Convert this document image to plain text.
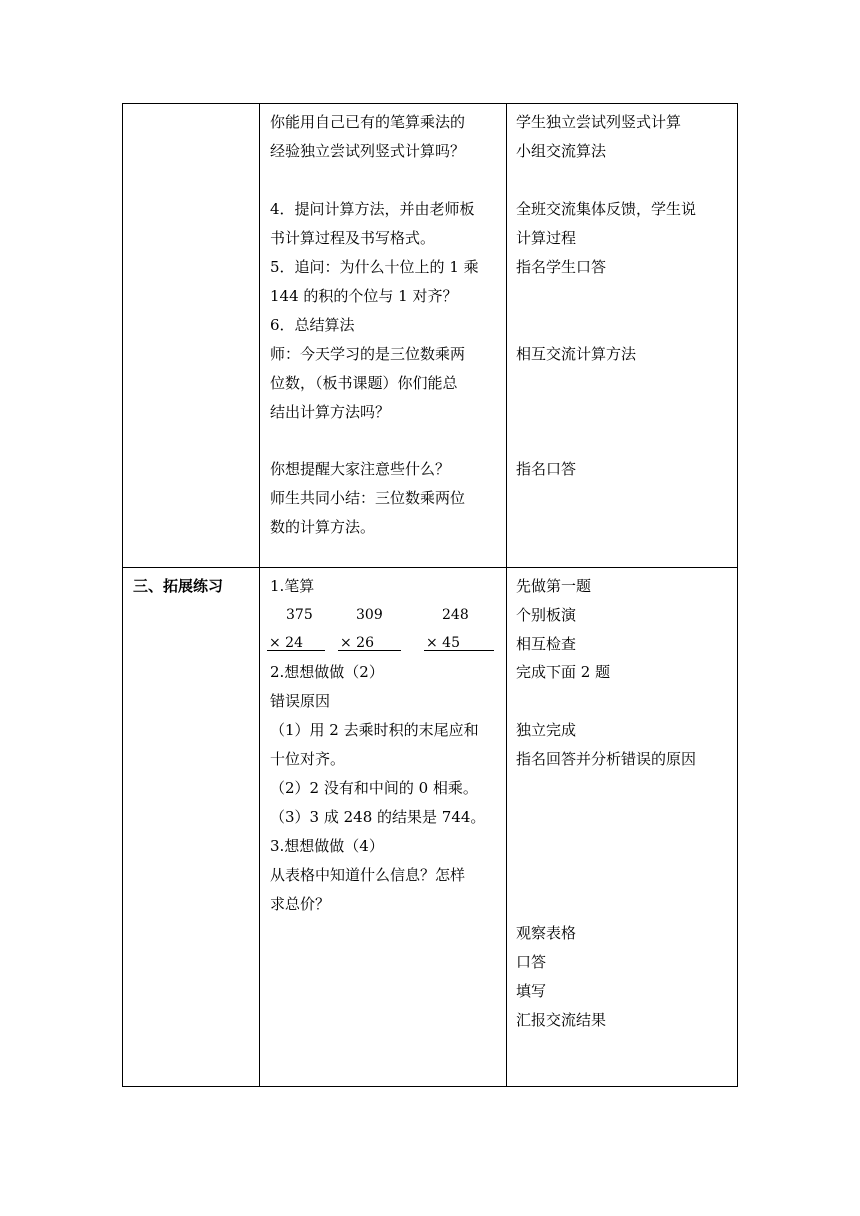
你能用自己已有的笔算乘法的
经验独立尝试列竖式计算吗？
4．提问计算方法，并由老师板
书计算过程及书写格式。
5．追问：为什么十位上的 1 乘
144 的积的个位与 1 对齐？
6．总结算法
师：今天学习的是三位数乘两
位数，（板书课题）你们能总
结出计算方法吗？
你想提醒大家注意些什么？
师生共同小结：三位数乘两位
数的计算方法。
学生独立尝试列竖式计算
小组交流算法
全班交流集体反馈，学生说
计算过程
指名学生口答
相互交流计算方法
指名口答
三、拓展练习	1.笔算
375
× 24
309
× 26
248
× 45
2.想想做做（2）
错误原因
（1）用 2 去乘时积的末尾应和
十位对齐。
（2）2 没有和中间的 0 相乘。
（3）3 成 248 的结果是 744。
3.想想做做（4）
从表格中知道什么信息？怎样
求总价？
先做第一题
个别板演
相互检查
完成下面 2 题
独立完成
指名回答并分析错误的原因
观察表格
口答
填写
汇报交流结果
